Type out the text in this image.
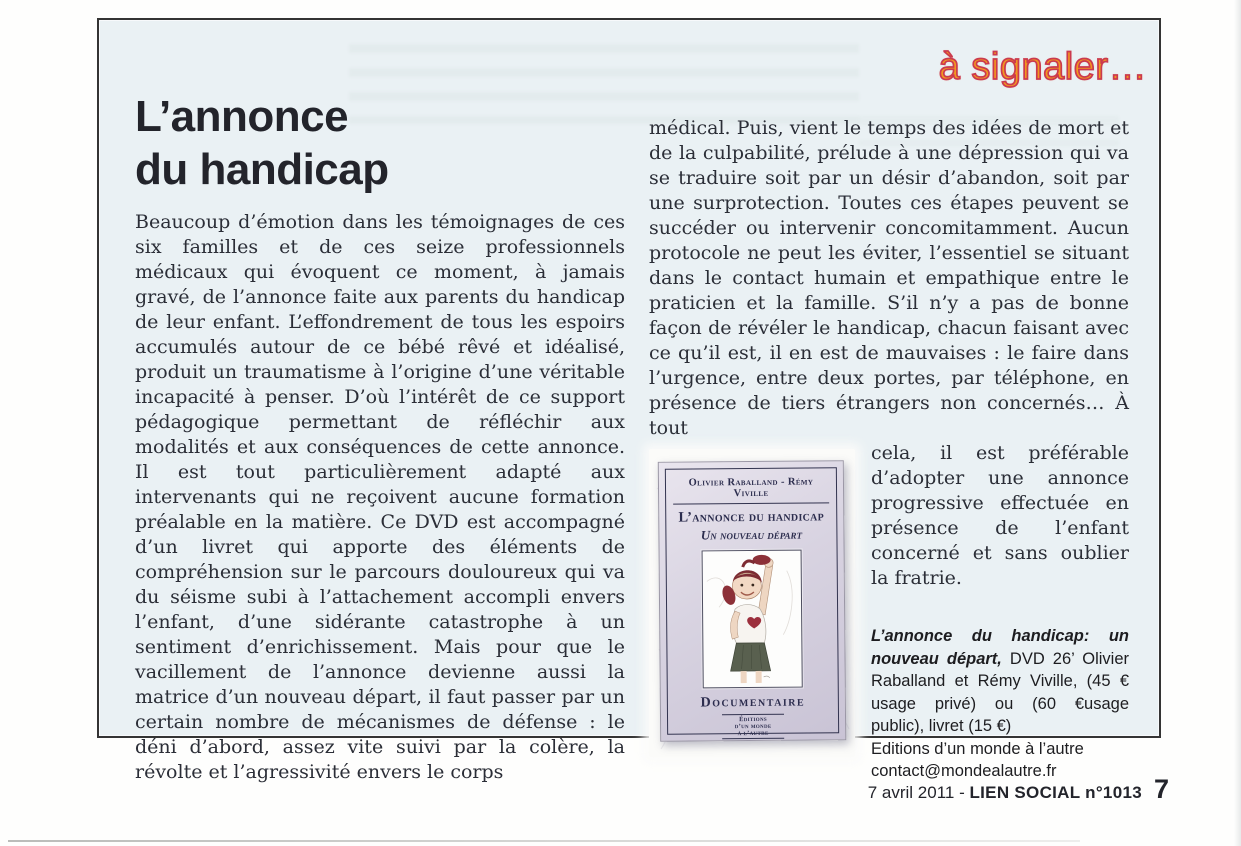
à signaler…
L’annonce
du handicap

Beaucoup d’émotion dans les témoignages de ces six familles et de ces seize professionnels médicaux qui évoquent ce moment, à jamais gravé, de l’annonce faite aux parents du handicap de leur enfant. L’effondrement de tous les espoirs accumulés autour de ce bébé rêvé et idéalisé, produit un traumatisme à l’origine d’une véritable incapacité à penser. D’où l’intérêt de ce support pédagogique permettant de réfléchir aux modalités et aux conséquences de cette annonce. Il est tout particulièrement adapté aux intervenants qui ne reçoivent aucune formation préalable en la matière. Ce DVD est accompagné d’un livret qui apporte des éléments de compréhension sur le parcours douloureux qui va du séisme subi à l’attachement accompli envers l’enfant, d’une sidérante catastrophe à un sentiment d’enrichissement. Mais pour que le vacillement de l’annonce devienne aussi la matrice d’un nouveau départ, il faut passer par un certain nombre de mécanismes de défense : le déni d’abord, assez vite suivi par la colère, la révolte et l’agressivité envers le corps

médical. Puis, vient le temps des idées de mort et de la culpabilité, prélude à une dépression qui va se traduire soit par un désir d’abandon, soit par une surprotection. Toutes ces étapes peuvent se succéder ou intervenir concomitamment. Aucun protocole ne peut les éviter, l’essentiel se situant dans le contact humain et empathique entre le praticien et la famille. S’il n’y a pas de bonne façon de révéler le handicap, chacun faisant avec ce qu’il est, il en est de mauvaises : le faire dans l’urgence, entre deux portes, par téléphone, en présence de tiers étrangers non concernés… À tout

Olivier Raballand - Rémy Viville
L’annonce du handicap
Un nouveau départ
Documentaire
Éditions
d’un monde
à l’autre

cela, il est préférable d’adopter une annonce progressive effectuée en présence de l’enfant concerné et sans oublier la fratrie.

L’annonce du handicap: un nouveau départ, DVD 26’ Olivier Raballand et Rémy Viville, (45 € usage privé) ou (60 €usage public), livret (15 €)

Editions d’un monde à l’autre
contact@mondealautre.fr
7 avril 2011 - LIEN SOCIAL n°1013 7
